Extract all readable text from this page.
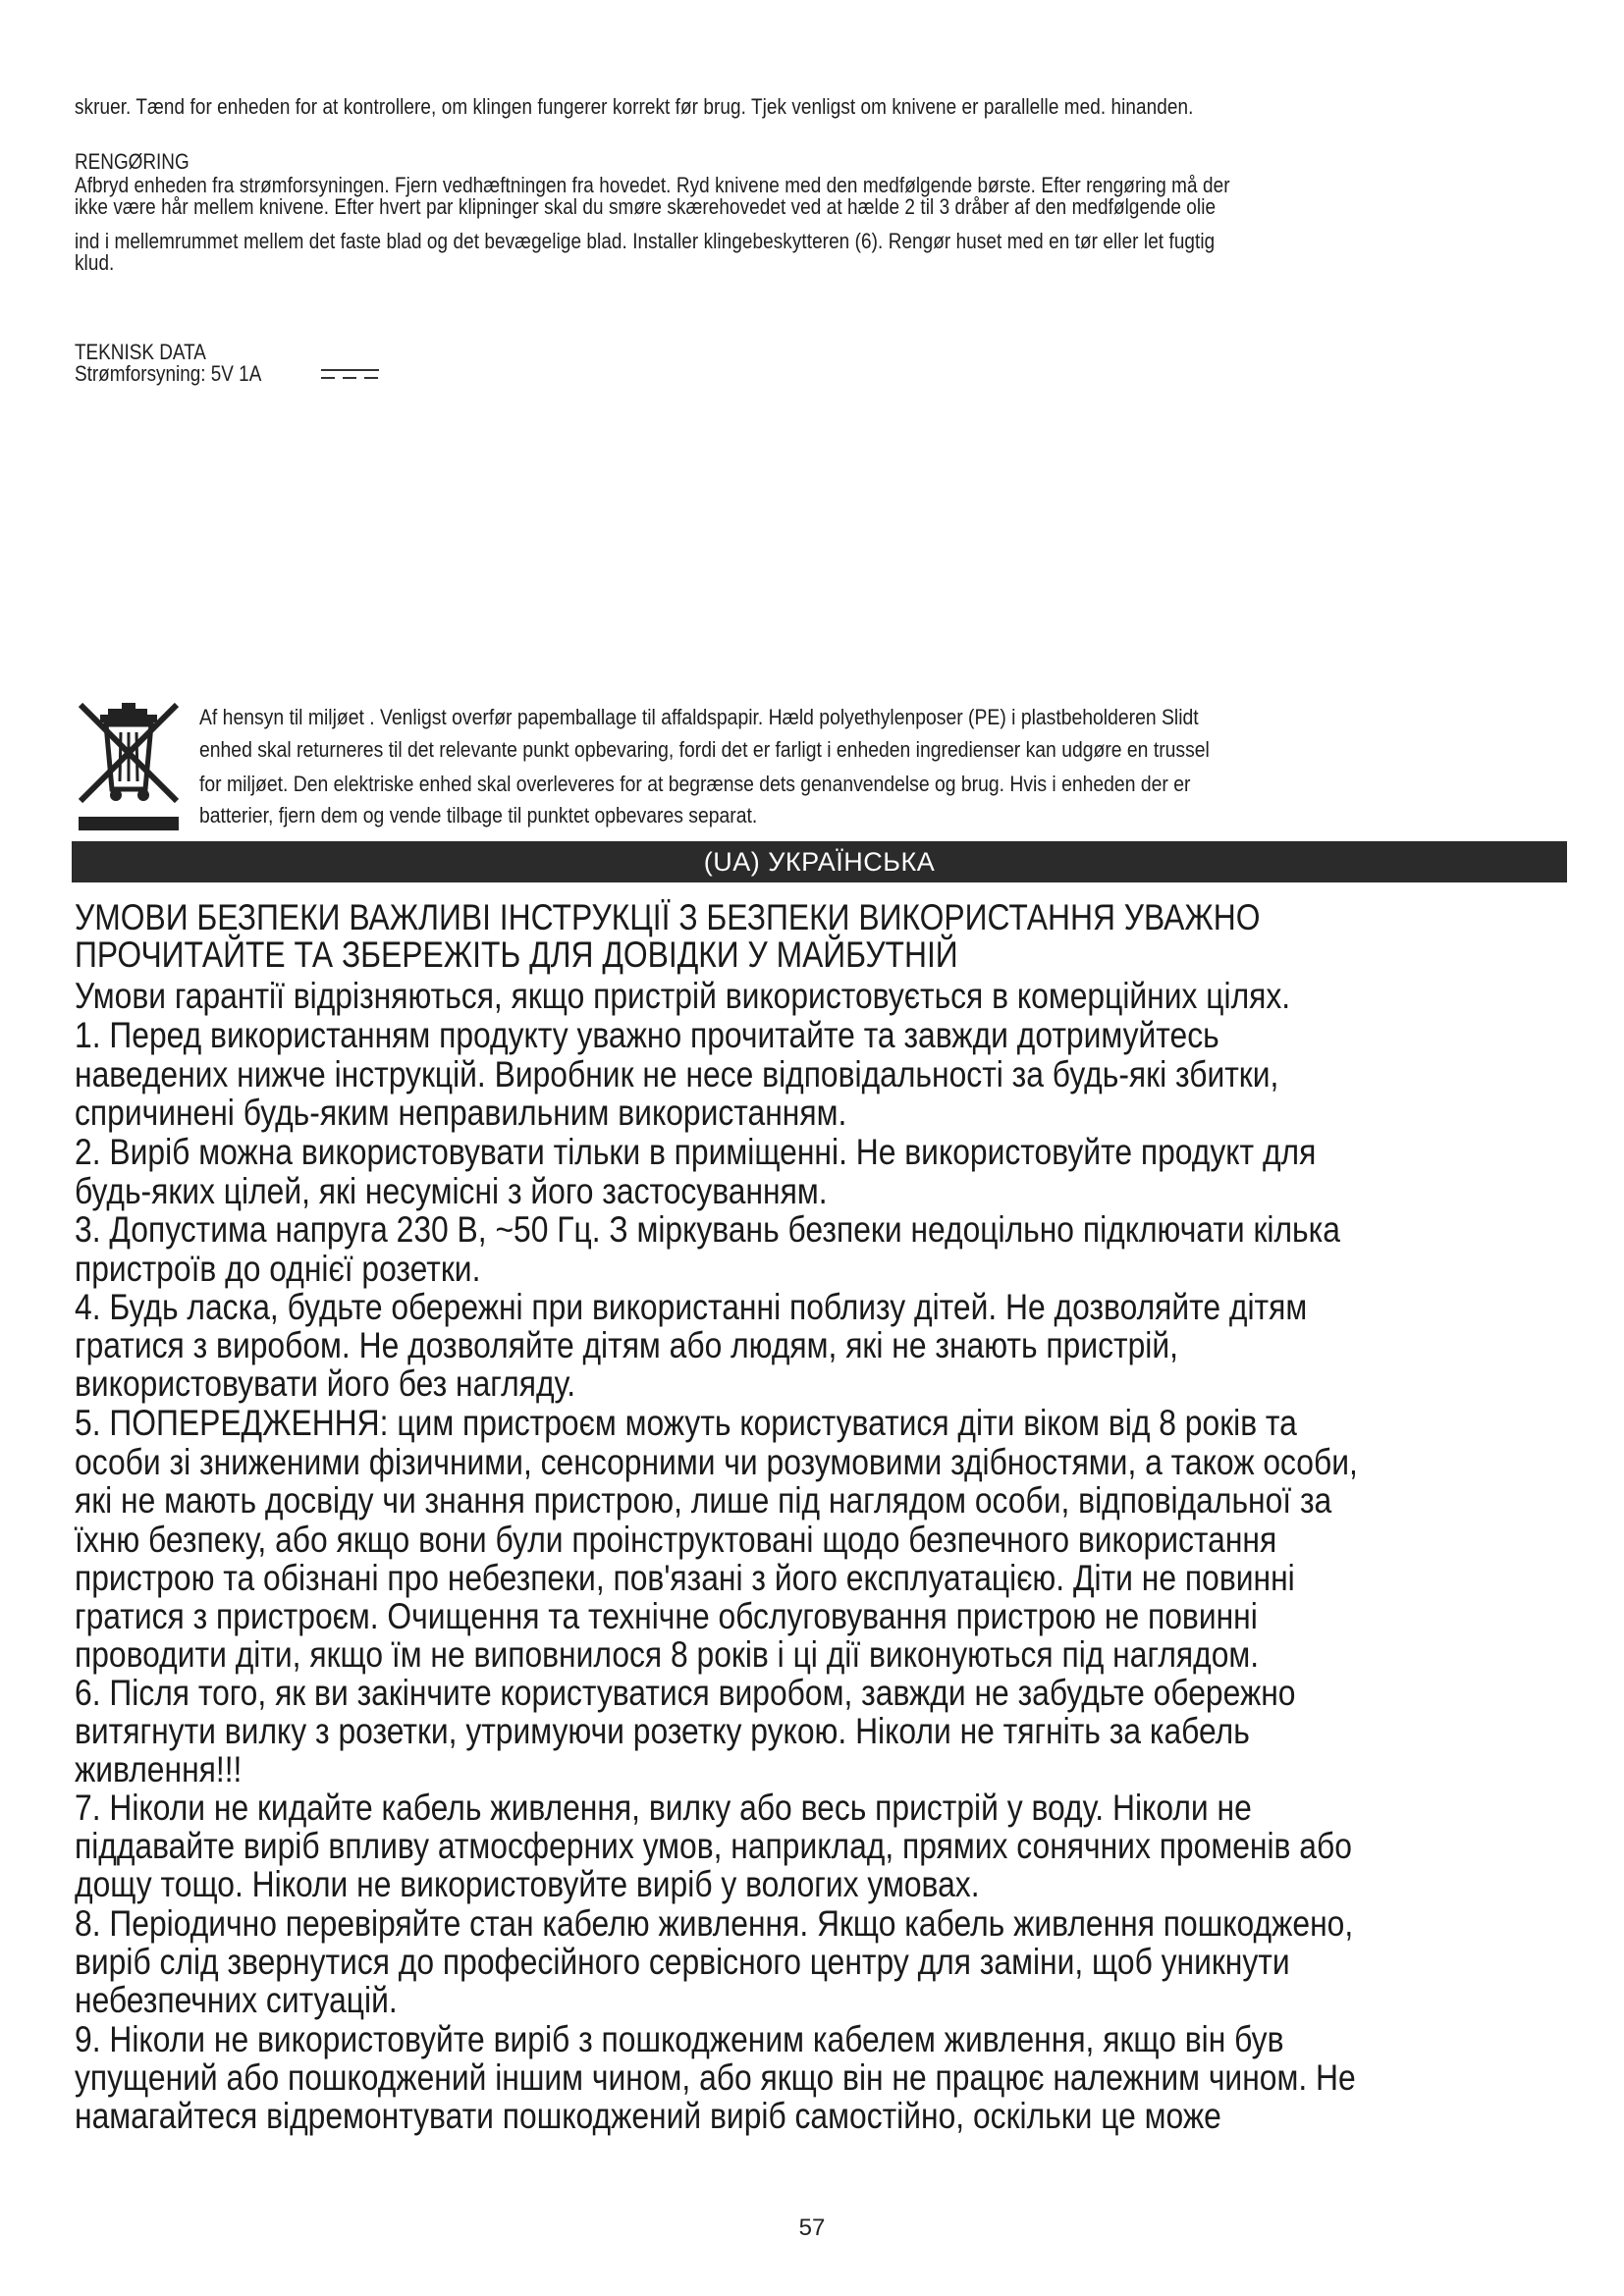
skruer. Tænd for enheden for at kontrollere, om klingen fungerer korrekt før brug. Tjek venligst om knivene er parallelle med. hinanden.
RENGØRING
Afbryd enheden fra strømforsyningen. Fjern vedhæftningen fra hovedet. Ryd knivene med den medfølgende børste. Efter rengøring må der
ikke være hår mellem knivene. Efter hvert par klipninger skal du smøre skærehovedet ved at hælde 2 til 3 dråber af den medfølgende olie
ind i mellemrummet mellem det faste blad og det bevægelige blad. Installer klingebeskytteren (6). Rengør huset med en tør eller let fugtig
klud.
TEKNISK DATA
Strømforsyning: 5V 1A
Af hensyn til miljøet . Venligst overfør papemballage til affaldspapir. Hæld polyethylenposer (PE) i plastbeholderen Slidt
enhed skal returneres til det relevante punkt opbevaring, fordi det er farligt i enheden ingredienser kan udgøre en trussel
for miljøet. Den elektriske enhed skal overleveres for at begrænse dets genanvendelse og brug. Hvis i enheden der er
batterier, fjern dem og vende tilbage til punktet opbevares separat.
(UA) УКРАЇНСЬКА
УМОВИ БЕЗПЕКИ ВАЖЛИВІ ІНСТРУКЦІЇ З БЕЗПЕКИ ВИКОРИСТАННЯ УВАЖНО
ПРОЧИТАЙТЕ ТА ЗБЕРЕЖІТЬ ДЛЯ ДОВІДКИ У МАЙБУТНІЙ
Умови гарантії відрізняються, якщо пристрій використовується в комерційних цілях.
1. Перед використанням продукту уважно прочитайте та завжди дотримуйтесь
наведених нижче інструкцій. Виробник не несе відповідальності за будь-які збитки,
спричинені будь-яким неправильним використанням.
2. Виріб можна використовувати тільки в приміщенні. Не використовуйте продукт для
будь-яких цілей, які несумісні з його застосуванням.
3. Допустима напруга 230 В, ~50 Гц. З міркувань безпеки недоцільно підключати кілька
пристроїв до однієї розетки.
4. Будь ласка, будьте обережні при використанні поблизу дітей. Не дозволяйте дітям
гратися з виробом. Не дозволяйте дітям або людям, які не знають пристрій,
використовувати його без нагляду.
5. ПОПЕРЕДЖЕННЯ: цим пристроєм можуть користуватися діти віком від 8 років та
особи зі зниженими фізичними, сенсорними чи розумовими здібностями, а також особи,
які не мають досвіду чи знання пристрою, лише під наглядом особи, відповідальної за
їхню безпеку, або якщо вони були проінструктовані щодо безпечного використання
пристрою та обізнані про небезпеки, пов'язані з його експлуатацією. Діти не повинні
гратися з пристроєм. Очищення та технічне обслуговування пристрою не повинні
проводити діти, якщо їм не виповнилося 8 років і ці дії виконуються під наглядом.
6. Після того, як ви закінчите користуватися виробом, завжди не забудьте обережно
витягнути вилку з розетки, утримуючи розетку рукою. Ніколи не тягніть за кабель
живлення!!!
7. Ніколи не кидайте кабель живлення, вилку або весь пристрій у воду. Ніколи не
піддавайте виріб впливу атмосферних умов, наприклад, прямих сонячних променів або
дощу тощо. Ніколи не використовуйте виріб у вологих умовах.
8. Періодично перевіряйте стан кабелю живлення. Якщо кабель живлення пошкоджено,
виріб слід звернутися до професійного сервісного центру для заміни, щоб уникнути
небезпечних ситуацій.
9. Ніколи не використовуйте виріб з пошкодженим кабелем живлення, якщо він був
упущений або пошкоджений іншим чином, або якщо він не працює належним чином. Не
намагайтеся відремонтувати пошкоджений виріб самостійно, оскільки це може
57
